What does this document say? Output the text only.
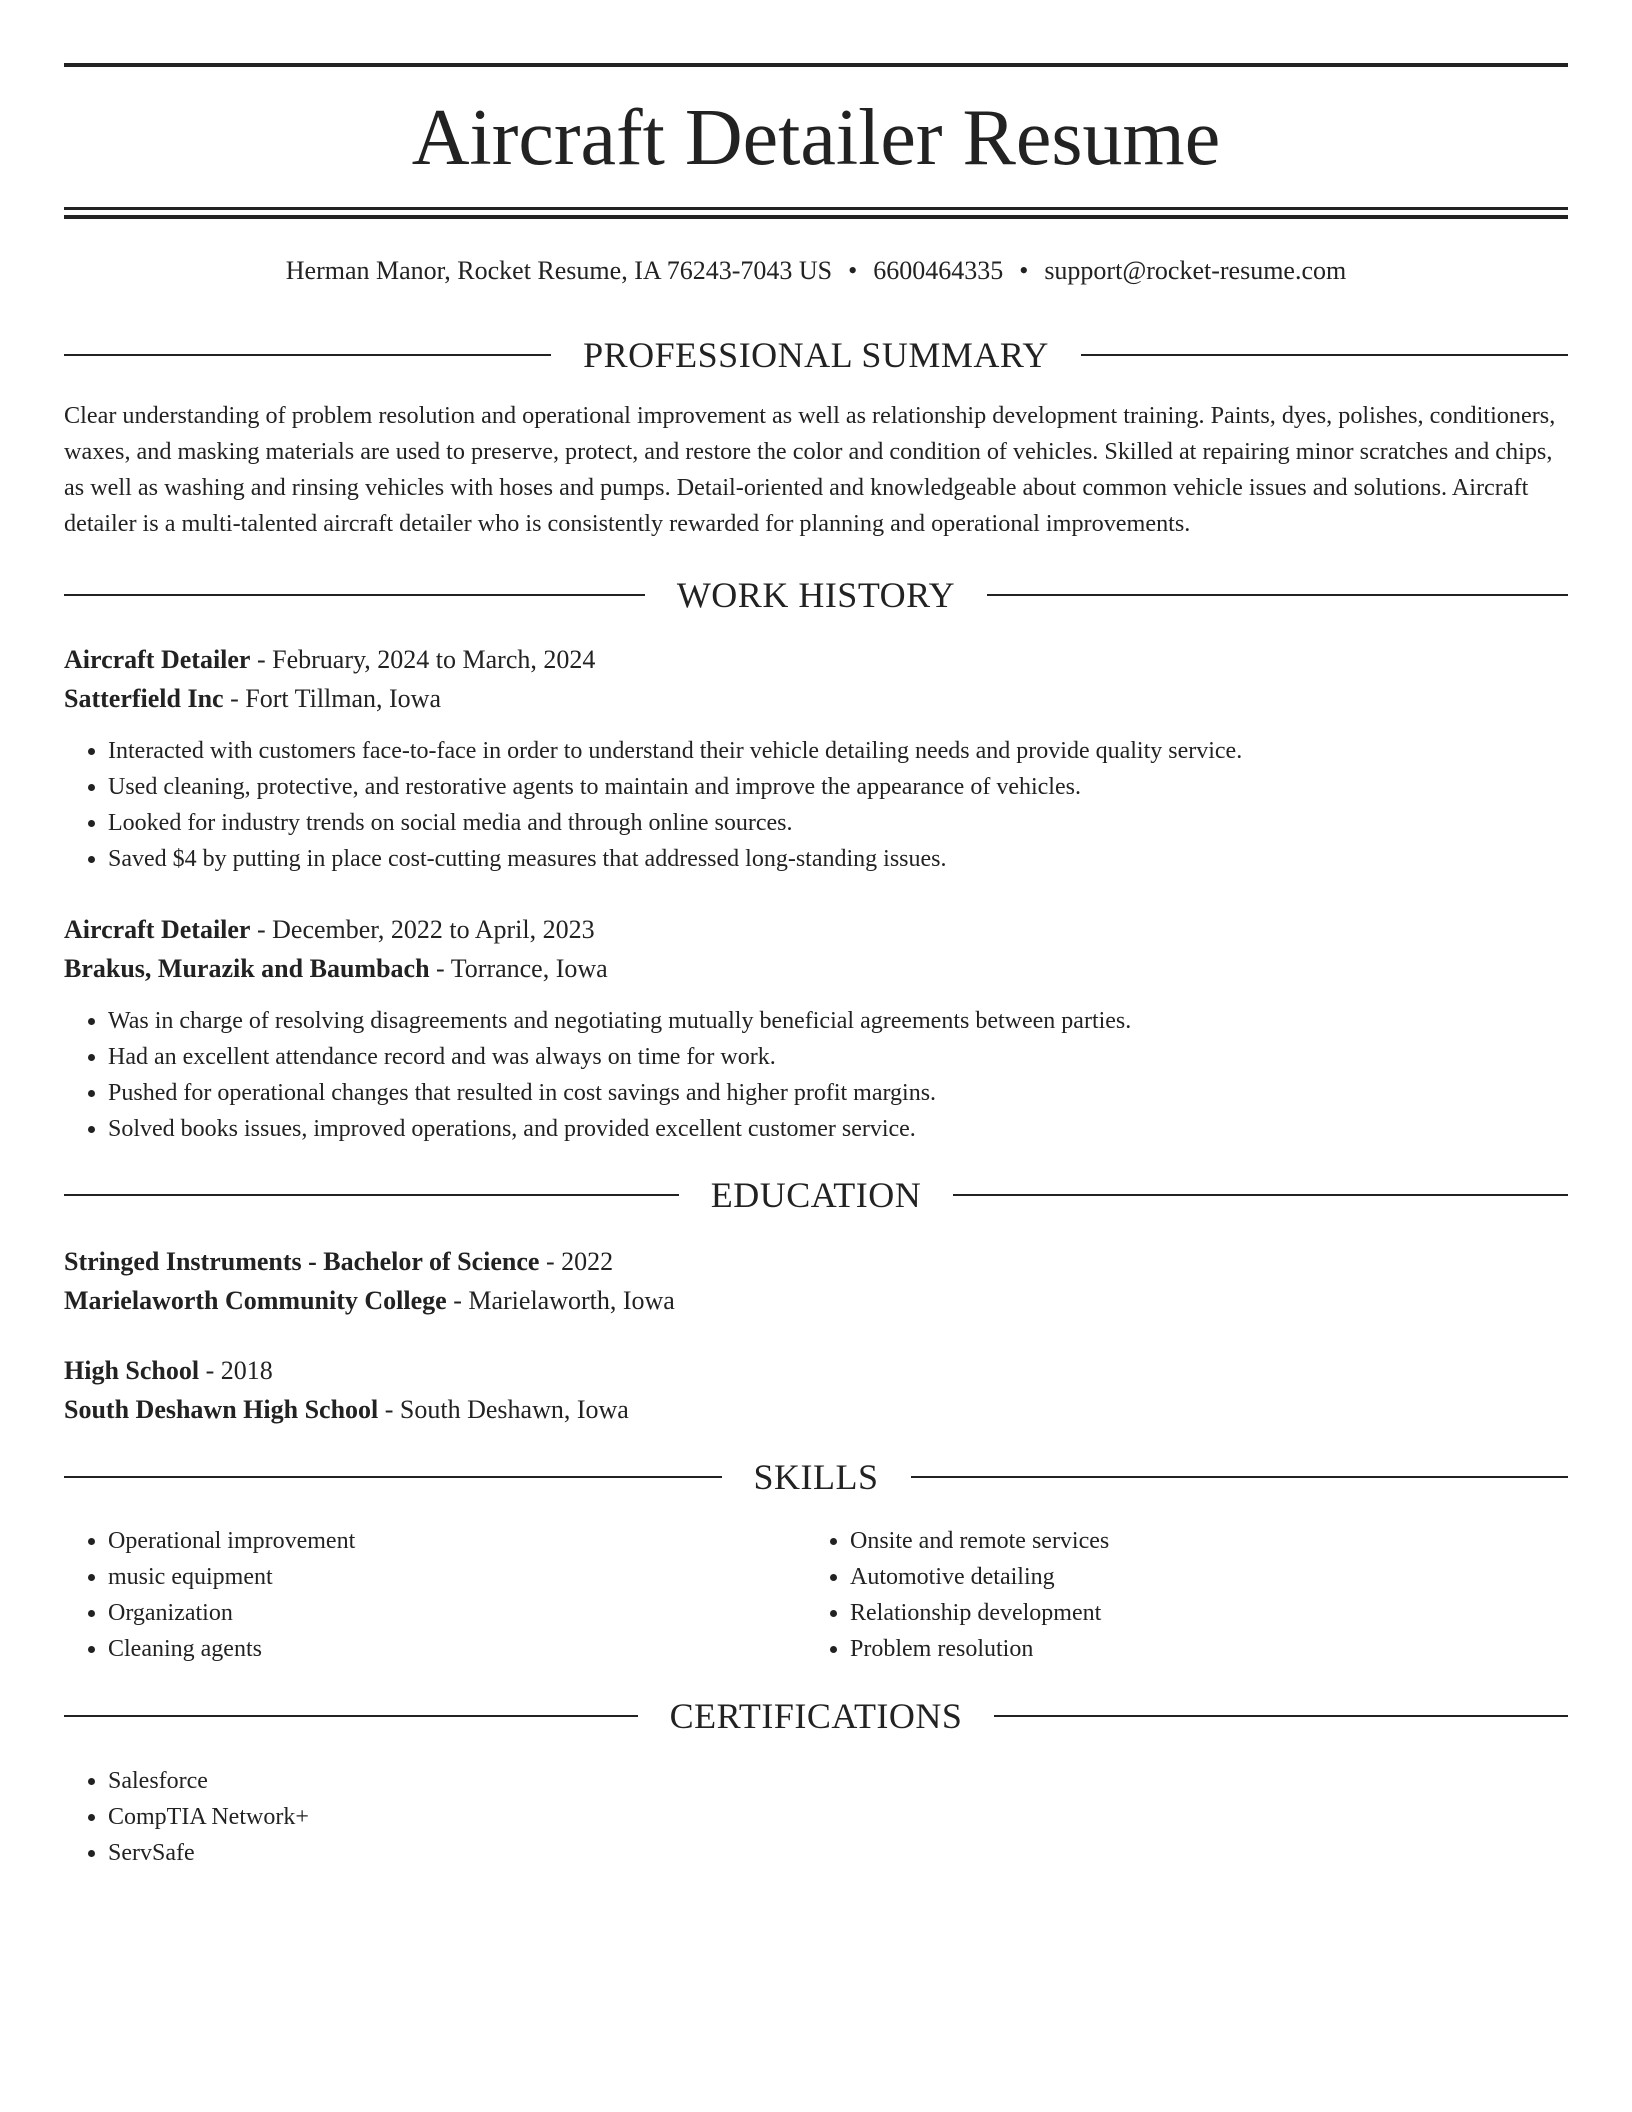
Aircraft Detailer Resume
Herman Manor, Rocket Resume, IA 76243-7043 US • 6600464335 • support@rocket-resume.com
PROFESSIONAL SUMMARY
Clear understanding of problem resolution and operational improvement as well as relationship development training. Paints, dyes, polishes, conditioners, waxes, and masking materials are used to preserve, protect, and restore the color and condition of vehicles. Skilled at repairing minor scratches and chips, as well as washing and rinsing vehicles with hoses and pumps. Detail-oriented and knowledgeable about common vehicle issues and solutions. Aircraft detailer is a multi-talented aircraft detailer who is consistently rewarded for planning and operational improvements.
WORK HISTORY
Aircraft Detailer - February, 2024 to March, 2024
Satterfield Inc - Fort Tillman, Iowa
• Interacted with customers face-to-face in order to understand their vehicle detailing needs and provide quality service.
• Used cleaning, protective, and restorative agents to maintain and improve the appearance of vehicles.
• Looked for industry trends on social media and through online sources.
• Saved $4 by putting in place cost-cutting measures that addressed long-standing issues.
Aircraft Detailer - December, 2022 to April, 2023
Brakus, Murazik and Baumbach - Torrance, Iowa
• Was in charge of resolving disagreements and negotiating mutually beneficial agreements between parties.
• Had an excellent attendance record and was always on time for work.
• Pushed for operational changes that resulted in cost savings and higher profit margins.
• Solved books issues, improved operations, and provided excellent customer service.
EDUCATION
Stringed Instruments - Bachelor of Science - 2022
Marielaworth Community College - Marielaworth, Iowa
High School - 2018
South Deshawn High School - South Deshawn, Iowa
SKILLS
• Operational improvement
• music equipment
• Organization
• Cleaning agents
• Onsite and remote services
• Automotive detailing
• Relationship development
• Problem resolution
CERTIFICATIONS
• Salesforce
• CompTIA Network+
• ServSafe
